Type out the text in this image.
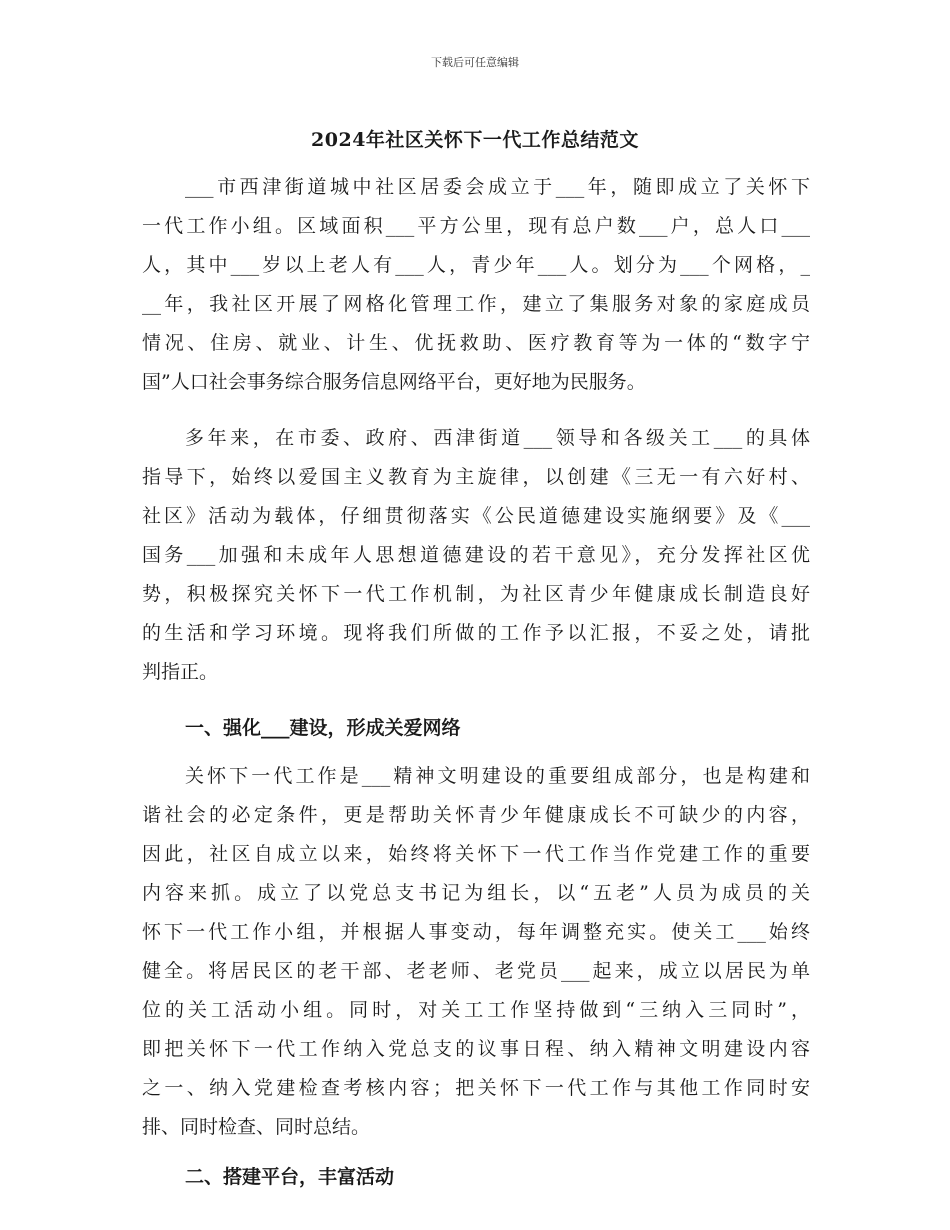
下载后可任意编辑
2024年社区关怀下一代工作总结范文
___市西津街道城中社区居委会成立于___年，随即成立了关怀下
一代工作小组。区域面积___平方公里，现有总户数___户，总人口___
人，其中___岁以上老人有___人，青少年___人。划分为___个网格，_
__年，我社区开展了网格化管理工作，建立了集服务对象的家庭成员
情况、住房、就业、计生、优抚救助、医疗教育等为一体的“数字宁
国”人口社会事务综合服务信息网络平台，更好地为民服务。
多年来，在市委、政府、西津街道___领导和各级关工___的具体
指导下，始终以爱国主义教育为主旋律，以创建《三无一有六好村、
社区》活动为载体，仔细贯彻落实《公民道德建设实施纲要》及《___
国务___加强和未成年人思想道德建设的若干意见》，充分发挥社区优
势，积极探究关怀下一代工作机制，为社区青少年健康成长制造良好
的生活和学习环境。现将我们所做的工作予以汇报，不妥之处，请批
判指正。
一、强化___建设，形成关爱网络
关怀下一代工作是___精神文明建设的重要组成部分，也是构建和
谐社会的必定条件，更是帮助关怀青少年健康成长不可缺少的内容，
因此，社区自成立以来，始终将关怀下一代工作当作党建工作的重要
内容来抓。成立了以党总支书记为组长，以“五老”人员为成员的关
怀下一代工作小组，并根据人事变动，每年调整充实。使关工___始终
健全。将居民区的老干部、老老师、老党员___起来，成立以居民为单
位的关工活动小组。同时，对关工工作坚持做到“三纳入三同时”，
即把关怀下一代工作纳入党总支的议事日程、纳入精神文明建设内容
之一、纳入党建检查考核内容；把关怀下一代工作与其他工作同时安
排、同时检查、同时总结。
二、搭建平台，丰富活动
